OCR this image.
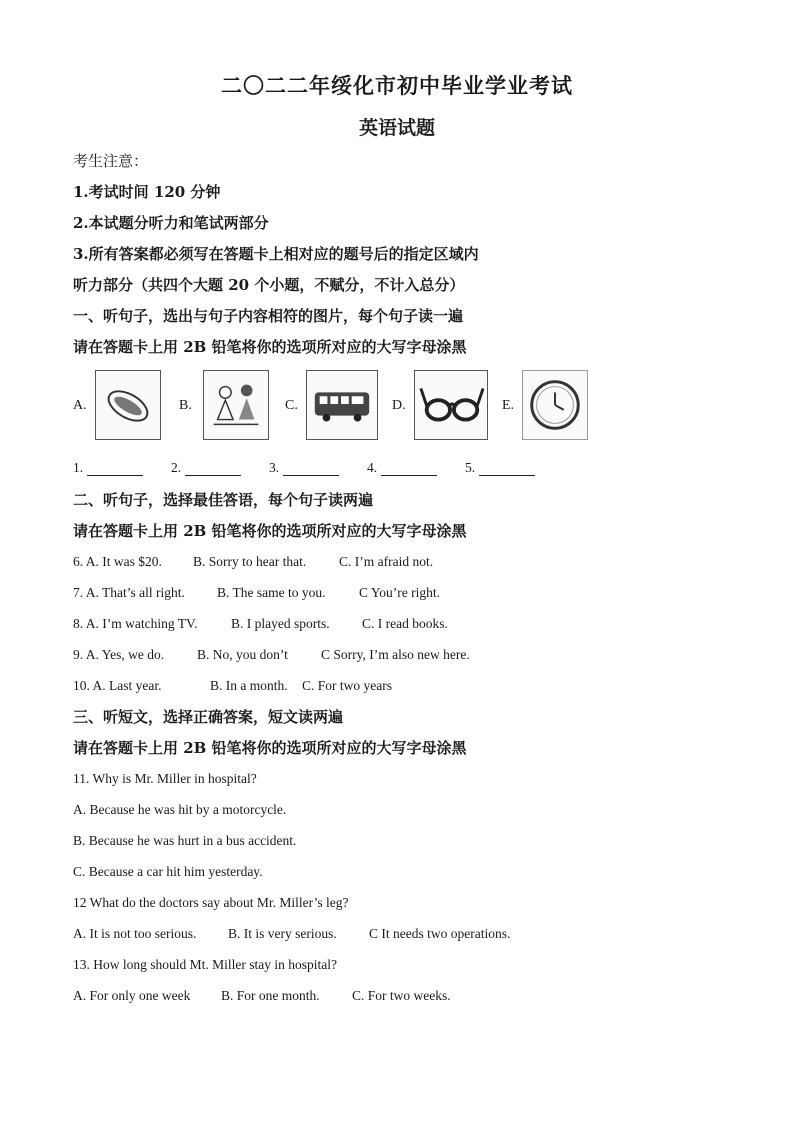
二〇二二年绥化市初中毕业学业考试
英语试题
考生注意：
1.考试时间 120 分钟
2.本试题分听力和笔试两部分
3.所有答案都必须写在答题卡上相对应的题号后的指定区域内
听力部分（共四个大题 20 个小题，不赋分，不计入总分）
一、听句子，选出与句子内容相符的图片，每个句子读一遍
请在答题卡上用 2B 铅笔将你的选项所对应的大写字母涂黑
A.	B.	C.	D.	E.
1.	2.	3.	4.	5.
二、听句子，选择最佳答语，每个句子读两遍
请在答题卡上用 2B 铅笔将你的选项所对应的大写字母涂黑
6. A. It was $20. B. Sorry to hear that. C. I’m afraid not.
7. A. That’s all right. B. The same to you. C You’re right.
8. A. I’m watching TV. B. I played sports. C. I read books.
9. A. Yes, we do. B. No, you don’t C Sorry, I’m also new here.
10. A. Last year.	B. In a month. C. For two years
三、听短文，选择正确答案，短文读两遍
请在答题卡上用 2B 铅笔将你的选项所对应的大写字母涂黑
11. Why is Mr. Miller in hospital?
A. Because he was hit by a motorcycle.
B. Because he was hurt in a bus accident.
C. Because a car hit him yesterday.
12 What do the doctors say about Mr. Miller’s leg?
A. It is not too serious. B. It is very serious. C It needs two operations.
13. How long should Mt. Miller stay in hospital?
A. For only one week B. For one month. C. For two weeks.
